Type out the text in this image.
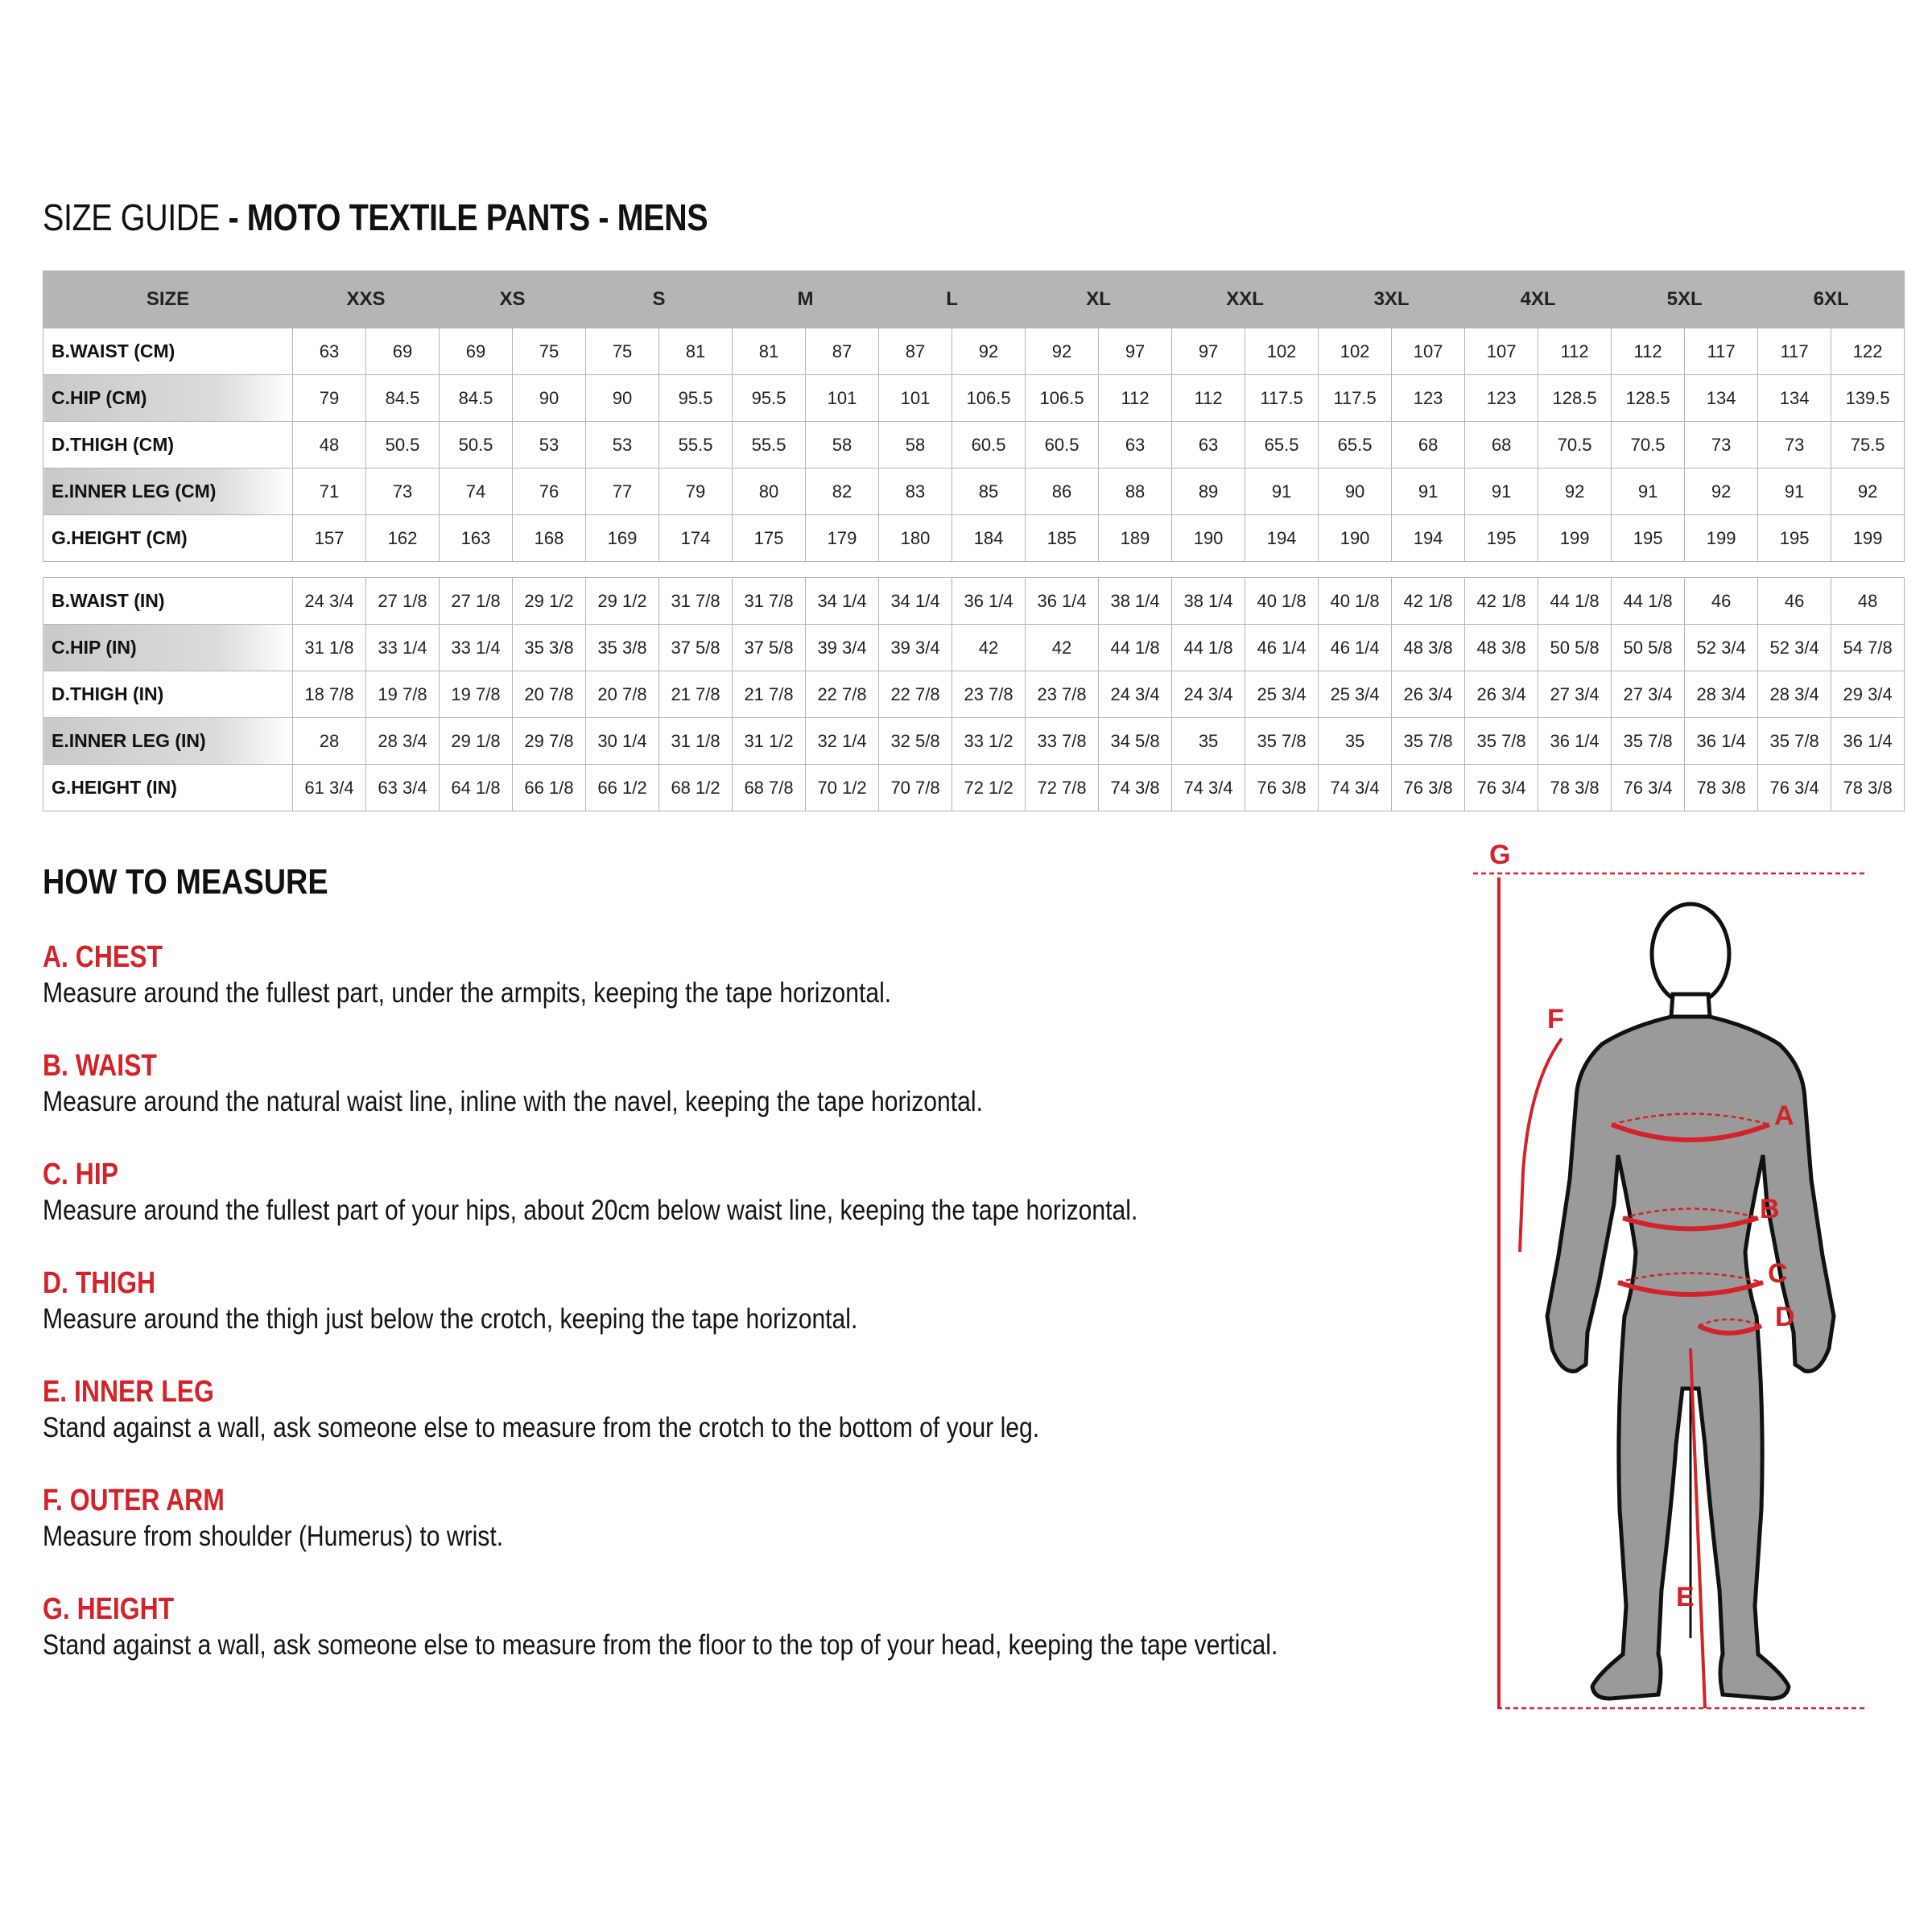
SIZE GUIDE - MOTO TEXTILE PANTS - MENS
SIZE	XXS		XS		S		M		L		XL		XXL		3XL		4XL		5XL		6XL	
B.WAIST (CM)	63	69	69	75	75	81	81	87	87	92	92	97	97	102	102	107	107	112	112	117	117	122
C.HIP (CM)	79	84.5	84.5	90	90	95.5	95.5	101	101	106.5	106.5	112	112	117.5	117.5	123	123	128.5	128.5	134	134	139.5
D.THIGH (CM)	48	50.5	50.5	53	53	55.5	55.5	58	58	60.5	60.5	63	63	65.5	65.5	68	68	70.5	70.5	73	73	75.5
E.INNER LEG (CM)	71	73	74	76	77	79	80	82	83	85	86	88	89	91	90	91	91	92	91	92	91	92
G.HEIGHT (CM)	157	162	163	168	169	174	175	179	180	184	185	189	190	194	190	194	195	199	195	199	195	199

B.WAIST (IN)	24 3/4	27 1/8	27 1/8	29 1/2	29 1/2	31 7/8	31 7/8	34 1/4	34 1/4	36 1/4	36 1/4	38 1/4	38 1/4	40 1/8	40 1/8	42 1/8	42 1/8	44 1/8	44 1/8	46	46	48
C.HIP (IN)	31 1/8	33 1/4	33 1/4	35 3/8	35 3/8	37 5/8	37 5/8	39 3/4	39 3/4	42	42	44 1/8	44 1/8	46 1/4	46 1/4	48 3/8	48 3/8	50 5/8	50 5/8	52 3/4	52 3/4	54 7/8
D.THIGH (IN)	18 7/8	19 7/8	19 7/8	20 7/8	20 7/8	21 7/8	21 7/8	22 7/8	22 7/8	23 7/8	23 7/8	24 3/4	24 3/4	25 3/4	25 3/4	26 3/4	26 3/4	27 3/4	27 3/4	28 3/4	28 3/4	29 3/4
E.INNER LEG (IN)	28	28 3/4	29 1/8	29 7/8	30 1/4	31 1/8	31 1/2	32 1/4	32 5/8	33 1/2	33 7/8	34 5/8	35	35 7/8	35	35 7/8	35 7/8	36 1/4	35 7/8	36 1/4	35 7/8	36 1/4
G.HEIGHT (IN)	61 3/4	63 3/4	64 1/8	66 1/8	66 1/2	68 1/2	68 7/8	70 1/2	70 7/8	72 1/2	72 7/8	74 3/8	74 3/4	76 3/8	74 3/4	76 3/8	76 3/4	78 3/8	76 3/4	78 3/8	76 3/4	78 3/8
HOW TO MEASURE
A. CHEST
Measure around the fullest part, under the armpits, keeping the tape horizontal.
B. WAIST
Measure around the natural waist line, inline with the navel, keeping the tape horizontal.
C. HIP
Measure around the fullest part of your hips, about 20cm below waist line, keeping the tape horizontal.
D. THIGH
Measure around the thigh just below the crotch, keeping the tape horizontal.
E. INNER LEG
Stand against a wall, ask someone else to measure from the crotch to the bottom of your leg.
F. OUTER ARM
Measure from shoulder (Humerus) to wrist.
G. HEIGHT
Stand against a wall, ask someone else to measure from the floor to the top of your head, keeping the tape vertical.
G
F
A
B
C
D
E
